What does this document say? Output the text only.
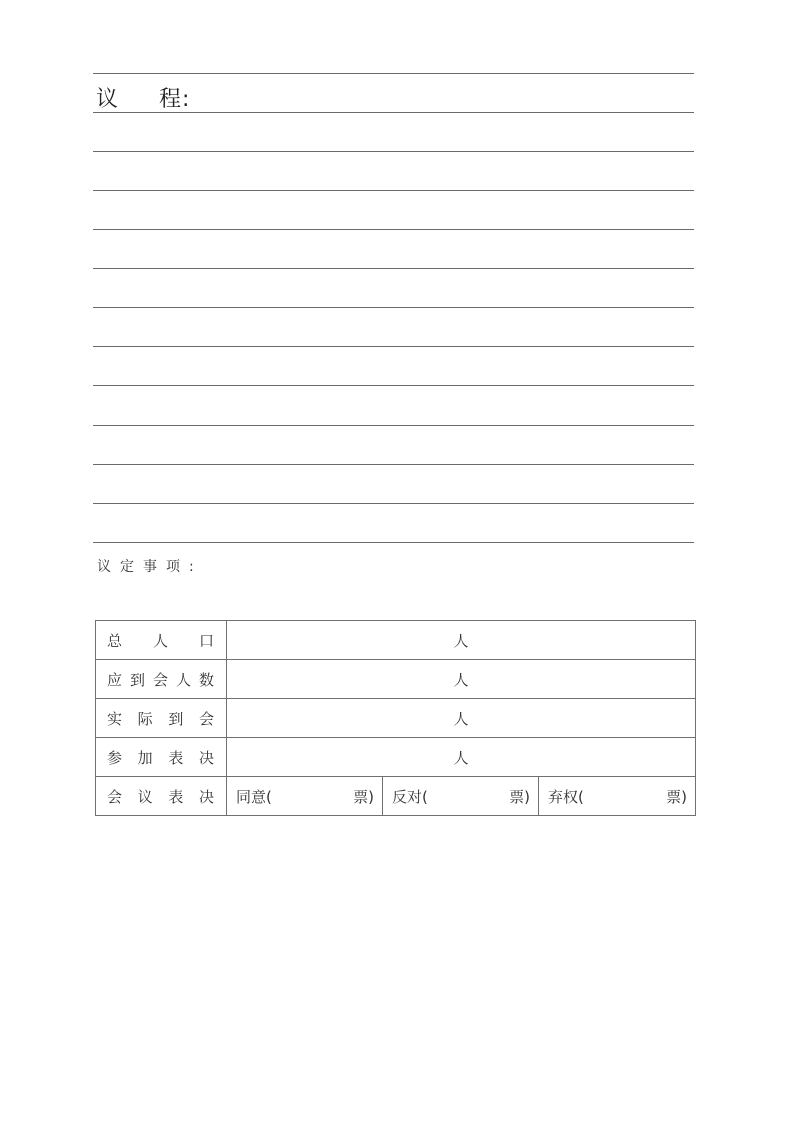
议 程:
议定事项:
总人口	人		
应到会人数	人		
实际到会	人		
参加表决	人		
会议表决	同意( 票)	反对( 票)	弃权( 票)
